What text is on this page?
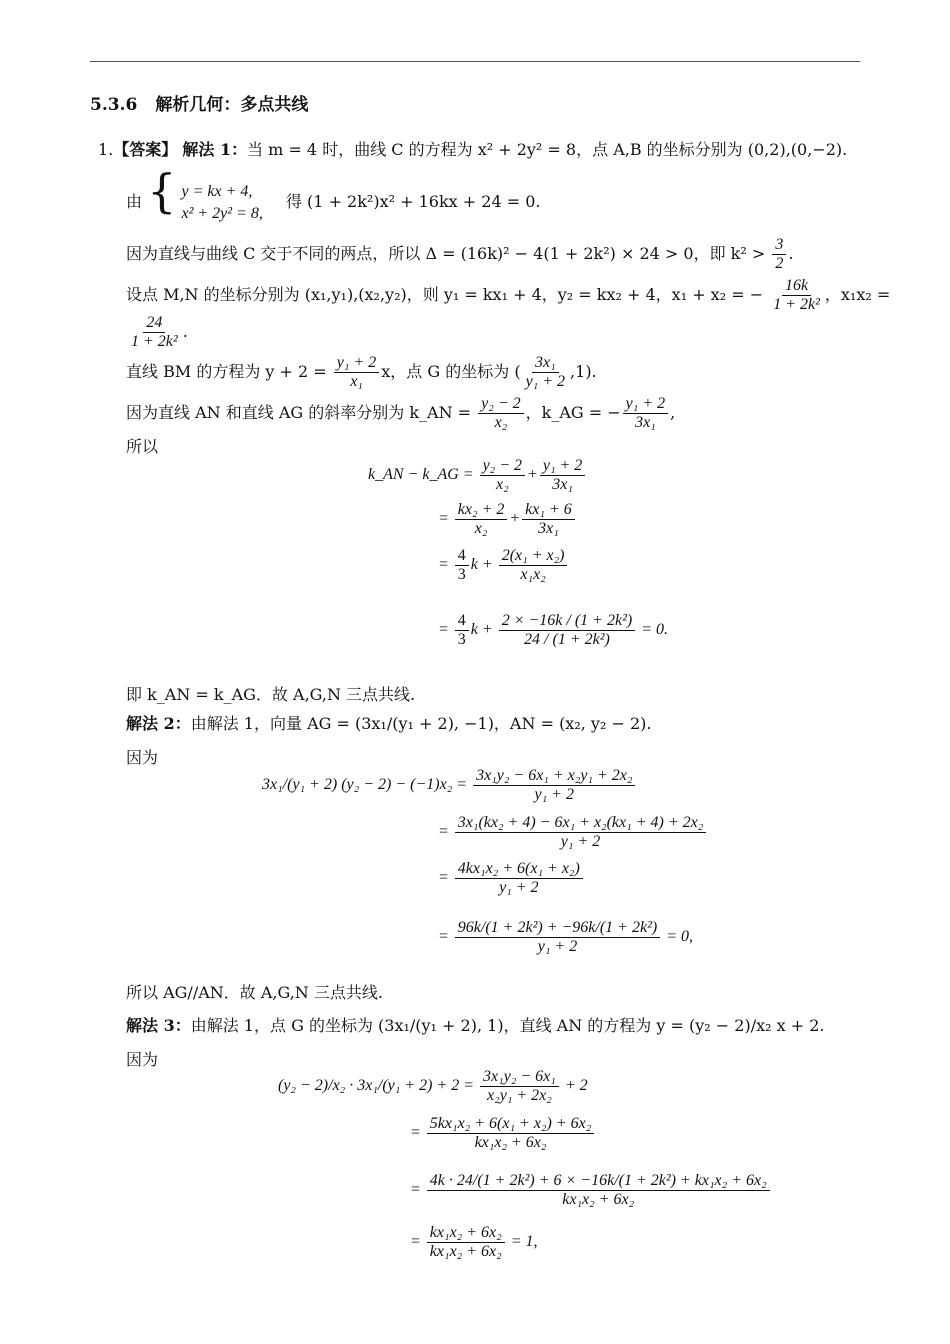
5.3.6 解析几何：多点共线
1.【答案】 解法 1：当 m = 4 时，曲线 C 的方程为 x² + 2y² = 8，点 A,B 的坐标分别为 (0,2),(0,−2).
由 { y = kx + 4,
x² + 2y² = 8,
得 (1 + 2k²)x² + 16kx + 24 = 0.
因为直线与曲线 C 交于不同的两点，所以 Δ = (16k)² − 4(1 + 2k²) × 24 > 0，即 $k^2 > \frac{3}{2}$ .
设点 M,N 的坐标分别为 (x₁,y₁),(x₂,y₂)，则 y₁ = kx₁ + 4，y₂ = kx₂ + 4，x₁ + x₂ = − $\frac{16k}{\text{1 + 2k²}}$ ，x₁x₂ =
$\frac{24}{\text{1 + 2k²}}$ .
直线 BM 的方程为 $y + 2 = \frac{\text{y₁ + 2}}{\text{x₁}}$ x，点 G 的坐标为 ( $\frac{\text{3x₁}}{\text{y₁ + 2}} ,1$).
因为直线 AN 和直线 AG 的斜率分别为 k_AN = $\frac{\text{y₂ − 2}}{\text{x₂}}$ ，k_AG = − $\frac{\text{y₁ + 2}}{\text{3x₁}}$ ,
所以
k_AN − k_AG = $\frac{\text{y₂ − 2}}{\text{x₂}} + \frac{\text{y₁ + 2}}{\text{3x₁}}$
= $\frac{\text{kx₂ + 2}}{\text{x₂}} + \frac{\text{kx₁ + 6}}{\text{3x₁}}$
= $\frac{4}{3}$ $k + \frac{\text{2(x₁ + x₂)}}{\text{x₁x₂}}$
= $\frac{4}{3}$ $k + \frac{\text{2 × −16k / (1 + 2k²)}}{\text{24 / (1 + 2k²)}} = 0$.
即 k_AN = k_AG．故 A,G,N 三点共线.
解法 2：由解法 1，向量 AG = (3x₁/(y₁ + 2), −1)，AN = (x₂, y₂ − 2).
因为
3x₁/(y₁ + 2) $(y_2 - 2) - (-1)x_2 = \frac{\text{3x₁y₂ − 6x₁ + x₂y₁ + 2x₂}}{\text{y₁ + 2}}$
= $\frac{\text{3x₁(kx₂ + 4) − 6x₁ + x₂(kx₁ + 4) + 2x₂}}{\text{y₁ + 2}}$
= $\frac{\text{4kx₁x₂ + 6(x₁ + x₂)}}{\text{y₁ + 2}}$
= $\frac{\text{96k/(1 + 2k²) + −96k/(1 + 2k²)}}{\text{y₁ + 2}} = 0$,
所以 AG//AN．故 A,G,N 三点共线.
解法 3：由解法 1，点 G 的坐标为 (3x₁/(y₁ + 2), 1)，直线 AN 的方程为 y = (y₂ − 2)/x₂ x + 2.
因为
$(y_2 - 2)/x_2 \cdot 3x_1/(y_1 + 2) + 2 = \frac{\text{3x₁y₂ − 6x₁}}{\text{x₂y₁ + 2x₂}} + 2$
= $\frac{\text{5kx₁x₂ + 6(x₁ + x₂) + 6x₂}}{\text{kx₁x₂ + 6x₂}}$
= $\frac{\text{4k · 24/(1 + 2k²) + 6 × −16k/(1 + 2k²) + kx₁x₂ + 6x₂}}{\text{kx₁x₂ + 6x₂}}$
= $\frac{\text{kx₁x₂ + 6x₂}}{\text{kx₁x₂ + 6x₂}} = 1$,
